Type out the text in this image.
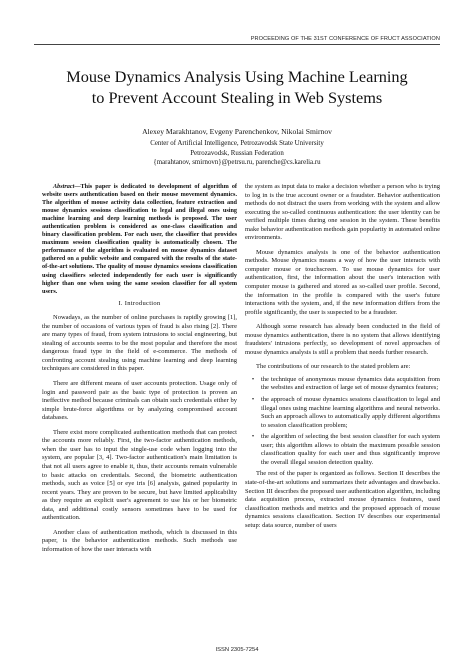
PROCEEDING OF THE 31ST CONFERENCE OF FRUCT ASSOCIATION
Mouse Dynamics Analysis Using Machine Learning
to Prevent Account Stealing in Web Systems
Alexey Marakhtanov, Evgeny Parenchenkov, Nikolai Smirnov
Center of Artificial Intelligence, Petrozavodsk State University
Petrozavodsk, Russian Federation
{marahtanov, smirnovn}@petrsu.ru, parenche@cs.karelia.ru

Abstract—This paper is dedicated to development of algorithm of website users authentication based on their mouse movement dynamics. The algorithm of mouse activity data collection, feature extraction and mouse dynamics sessions classification to legal and illegal ones using machine learning and deep learning methods is proposed. The user authentication problem is considered as one-class classification and binary classification problem. For each user, the classifier that provides maximum session classification quality is automatically chosen. The performance of the algorithm is evaluated on mouse dynamics dataset gathered on a public website and compared with the results of the state-of-the-art solutions. The quality of mouse dynamics sessions classification using classifiers selected independently for each user is significantly higher than one when using the same session classifier for all system users.

I. Introduction

Nowadays, as the number of online purchases is rapidly growing [1], the number of occasions of various types of fraud is also rising [2]. There are many types of fraud, from system intrusions to social engineering, but stealing of accounts seems to be the most popular and therefore the most dangerous fraud type in the field of e-commerce. The methods of confronting account stealing using machine learning and deep learning techniques are considered in this paper.

There are different means of user accounts protection. Usage only of login and password pair as the basic type of protection is proven an ineffective method because criminals can obtain such credentials either by simple brute-force algorithms or by analyzing compromised account databases.

There exist more complicated authentication methods that can protect the accounts more reliably. First, the two-factor authentication methods, when the user has to input the single-use code when logging into the system, are popular [3, 4]. Two-factor authentication's main limitation is that not all users agree to enable it, thus, their accounts remain vulnerable to basic attacks on credentials. Second, the biometric authentication methods, such as voice [5] or eye iris [6] analysis, gained popularity in recent years. They are proven to be secure, but have limited applicability as they require an explicit user's agreement to use his or her biometric data, and additional costly sensors sometimes have to be used for authentication.

Another class of authentication methods, which is discussed in this paper, is the behavior authentication methods. Such methods use information of how the user interacts with

the system as input data to make a decision whether a person who is trying to log in is the true account owner or a fraudster. Behavior authentication methods do not distract the users from working with the system and allow executing the so-called continuous authentication: the user identity can be verified multiple times during one session in the system. These benefits make behavior authentication methods gain popularity in automated online environments.

Mouse dynamics analysis is one of the behavior authentication methods. Mouse dynamics means a way of how the user interacts with computer mouse or touchscreen. To use mouse dynamics for user authentication, first, the information about the user's interaction with computer mouse is gathered and stored as so-called user profile. Second, the information in the profile is compared with the user's future interactions with the system, and, if the new information differs from the profile significantly, the user is suspected to be a fraudster.

Although some research has already been conducted in the field of mouse dynamics authentication, there is no system that allows identifying fraudsters' intrusions perfectly, so development of novel approaches of mouse dynamics analysis is still a problem that needs further research.

The contributions of our research to the stated problem are:

•	the technique of anonymous mouse dynamics data acquisition from the websites and extraction of large set of mouse dynamics features;
•	the approach of mouse dynamics sessions classification to legal and illegal ones using machine learning algorithms and neural networks. Such an approach allows to automatically apply different algorithms to session classification problem;
•	the algorithm of selecting the best session classifier for each system user; this algorithm allows to obtain the maximum possible session classification quality for each user and thus significantly improve the overall illegal session detection quality.

The rest of the paper is organized as follows. Section II describes the state-of-the-art solutions and summarizes their advantages and drawbacks. Section III describes the proposed user authentication algorithm, including data acquisition process, extracted mouse dynamics features, used classification methods and metrics and the proposed approach of mouse dynamics sessions classification. Section IV describes our experimental setup: data source, number of users

ISSN 2305-7254
